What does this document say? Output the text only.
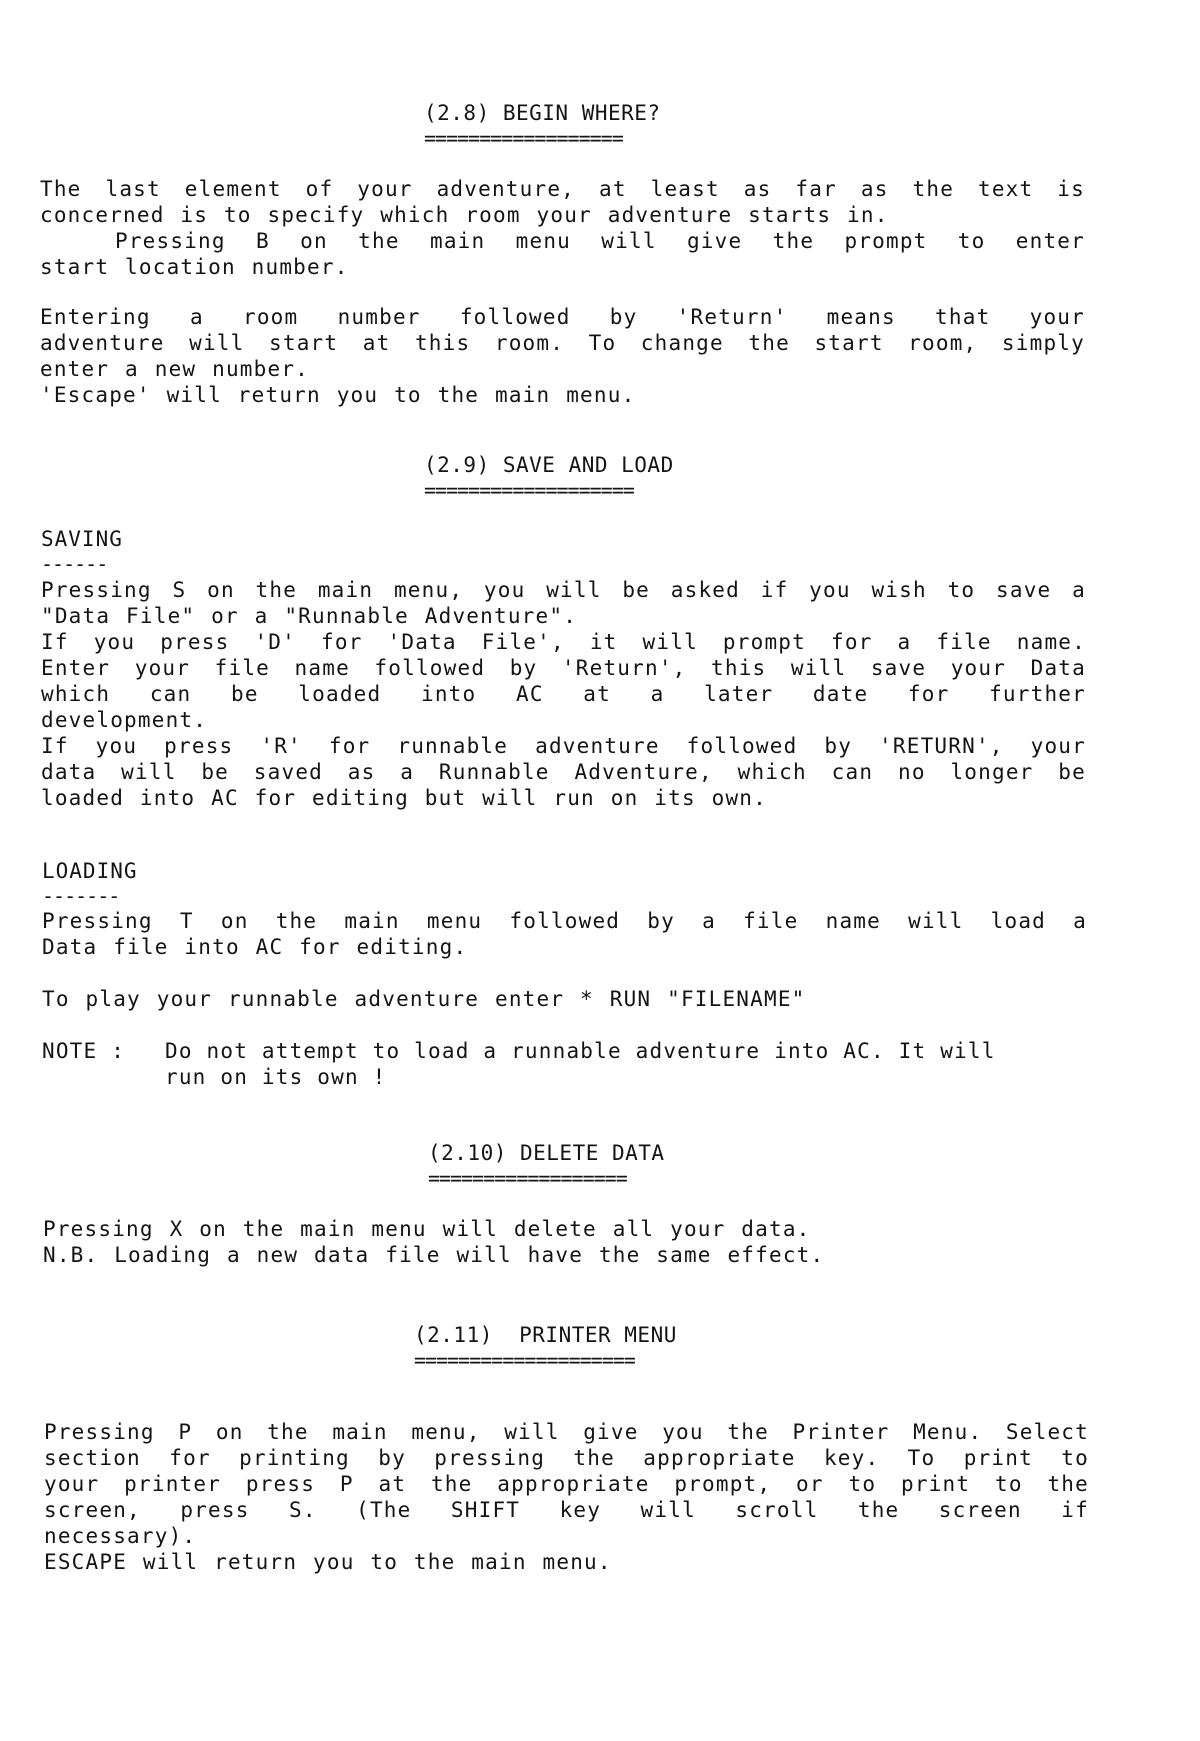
(2.8) BEGIN WHERE?
==================
The last element of your adventure, at least as far as the text is
concerned is to specify which room your adventure starts in.
Pressing B on the main menu will give the prompt to enter
start location number.
Entering a room number followed by 'Return' means that your
adventure will start at this room. To change the start room, simply
enter a new number.
'Escape' will return you to the main menu.
(2.9) SAVE AND LOAD
===================
SAVING
------
Pressing S on the main menu, you will be asked if you wish to save a
"Data File" or a "Runnable Adventure".
If you press 'D' for 'Data File', it will prompt for a file name.
Enter your file name followed by 'Return', this will save your Data
which can be loaded into AC at a later date for further
development.
If you press 'R' for runnable adventure followed by 'RETURN', your
data will be saved as a Runnable Adventure, which can no longer be
loaded into AC for editing but will run on its own.
LOADING
-------
Pressing T on the main menu followed by a file name will load a
Data file into AC for editing.
To play your runnable adventure enter * RUN "FILENAME"
NOTE : Do not attempt to load a runnable adventure into AC. It will
run on its own !
(2.10) DELETE DATA
==================
Pressing X on the main menu will delete all your data.
N.B. Loading a new data file will have the same effect.
(2.11)  PRINTER MENU
====================
Pressing P on the main menu, will give you the Printer Menu. Select
section for printing by pressing the appropriate key. To print to
your printer press P at the appropriate prompt, or to print to the
screen, press S. (The SHIFT key will scroll the screen if
necessary).
ESCAPE will return you to the main menu.
